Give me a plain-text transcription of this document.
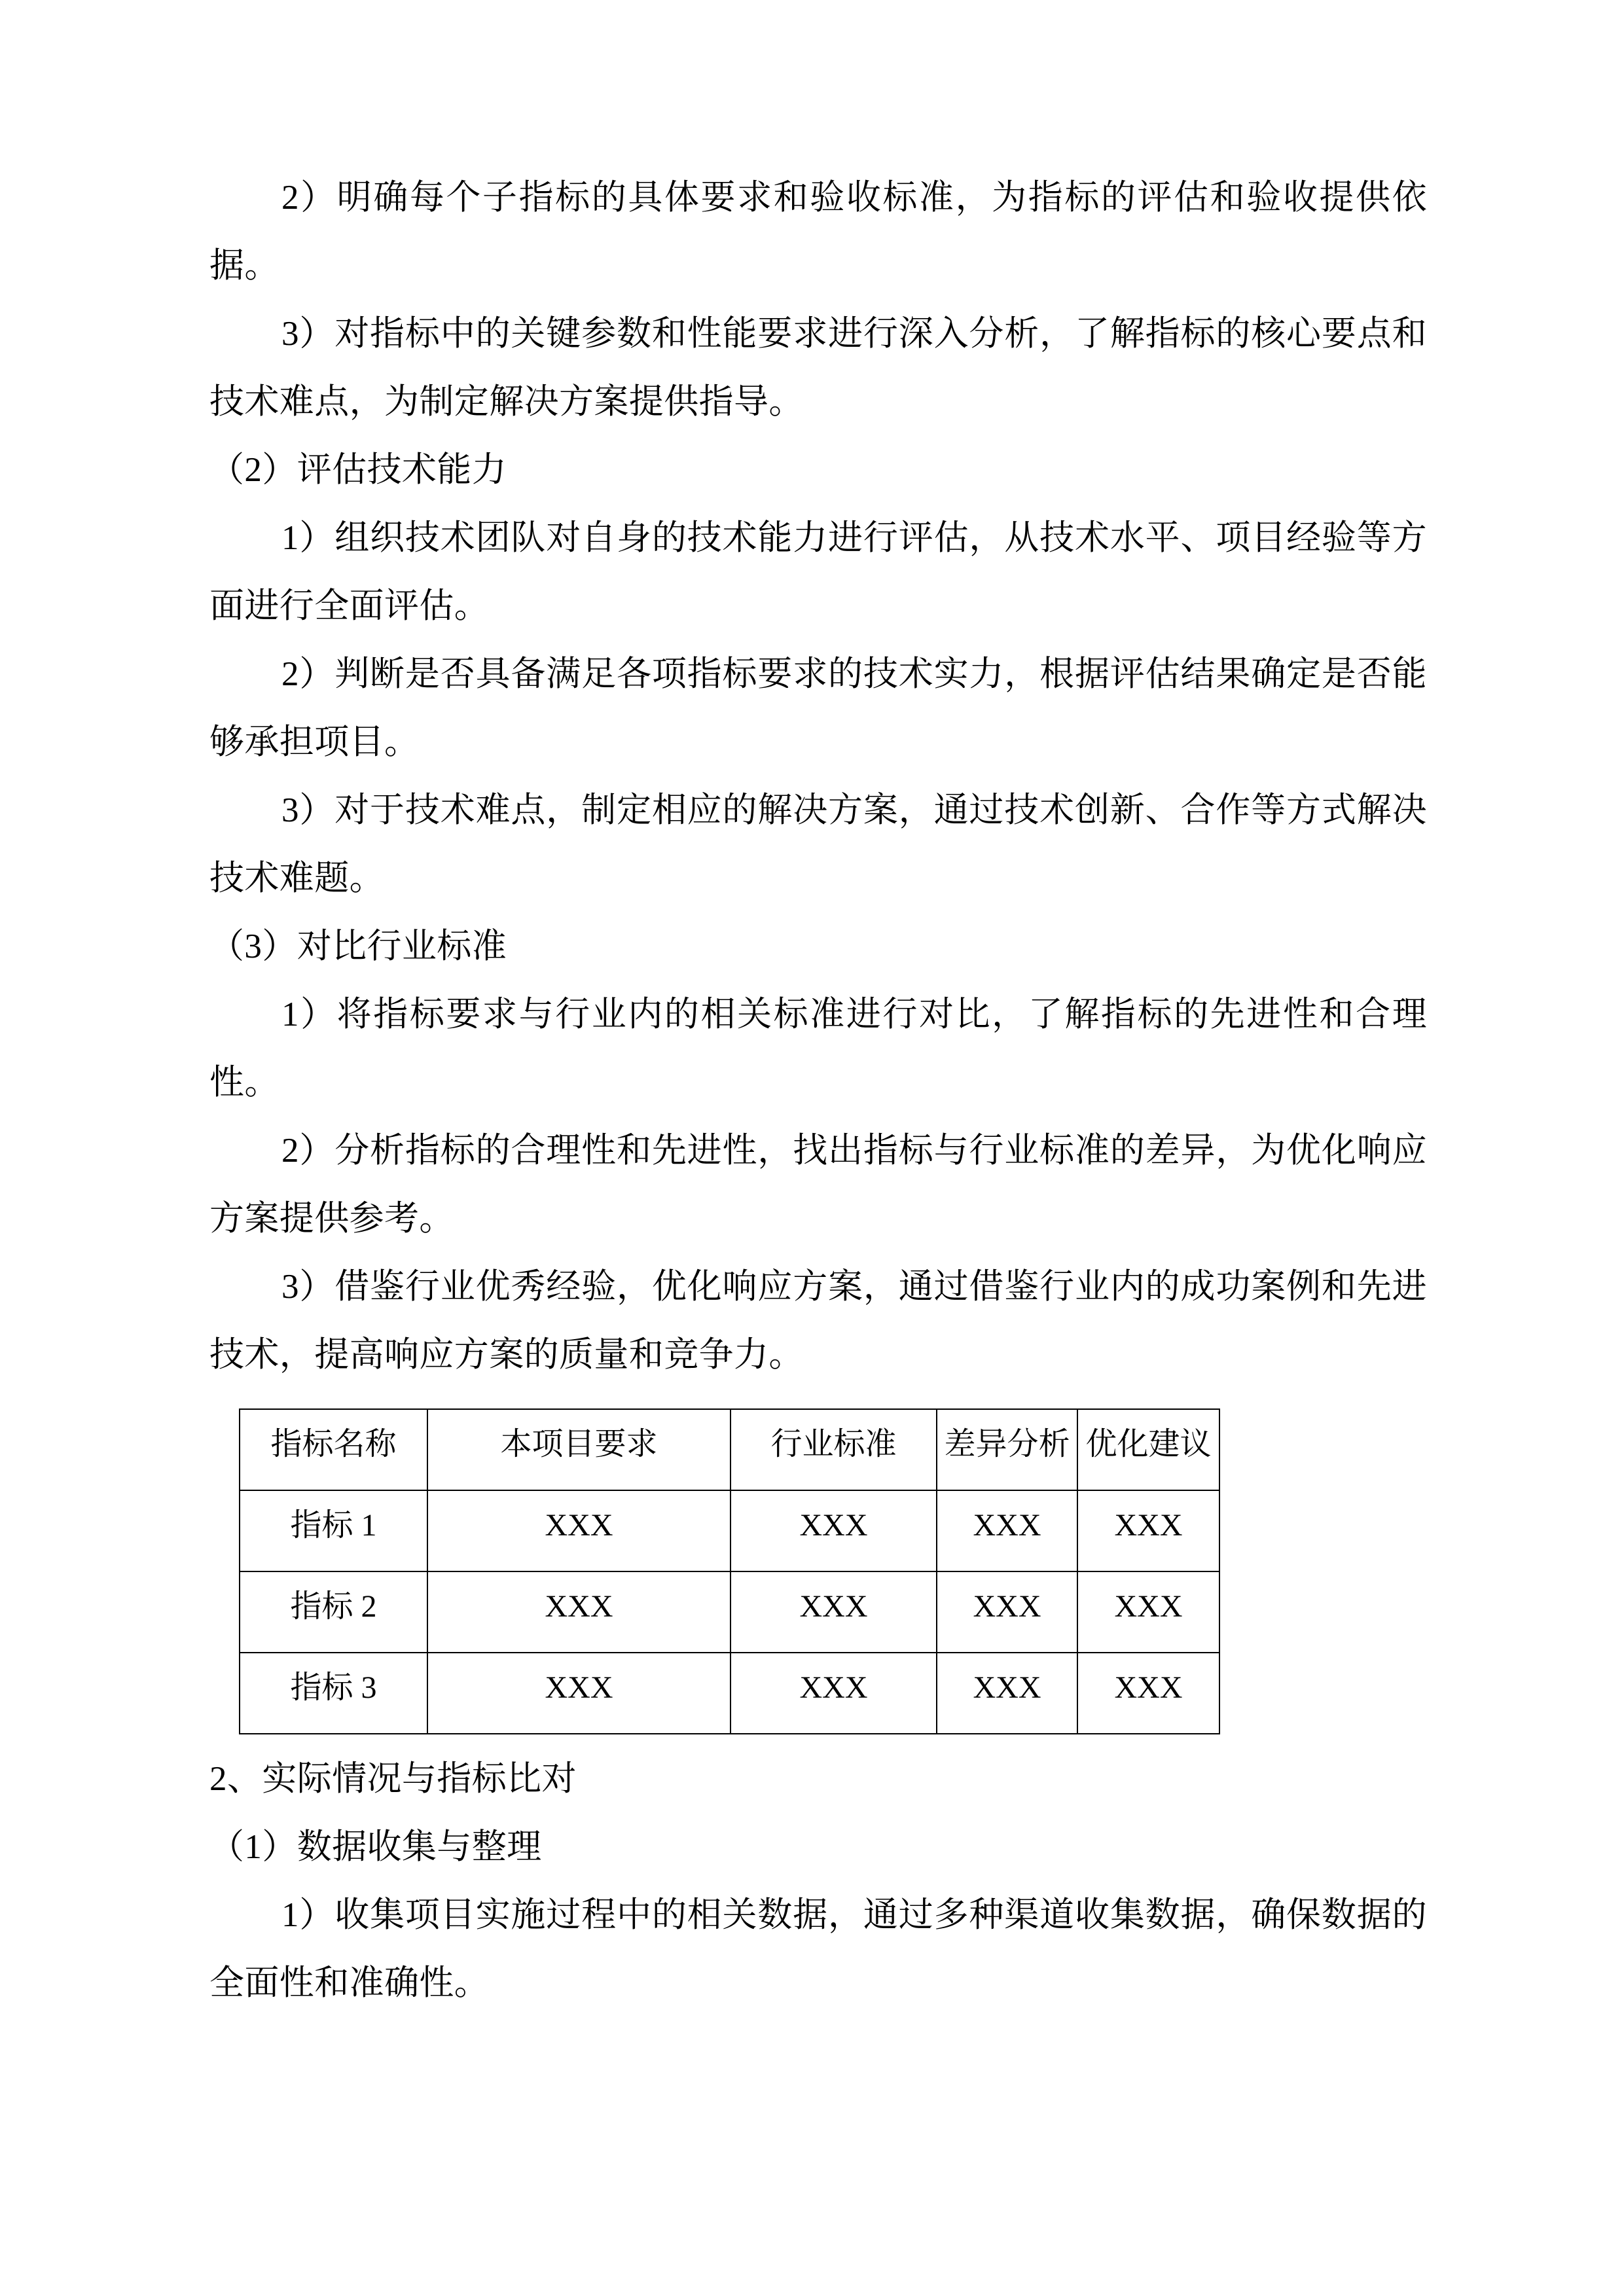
2）明确每个子指标的具体要求和验收标准，为指标的评估和验收提供依据。

3）对指标中的关键参数和性能要求进行深入分析，了解指标的核心要点和技术难点，为制定解决方案提供指导。

（2）评估技术能力

1）组织技术团队对自身的技术能力进行评估，从技术水平、项目经验等方面进行全面评估。

2）判断是否具备满足各项指标要求的技术实力，根据评估结果确定是否能够承担项目。

3）对于技术难点，制定相应的解决方案，通过技术创新、合作等方式解决技术难题。

（3）对比行业标准

1）将指标要求与行业内的相关标准进行对比，了解指标的先进性和合理性。

2）分析指标的合理性和先进性，找出指标与行业标准的差异，为优化响应方案提供参考。

3）借鉴行业优秀经验，优化响应方案，通过借鉴行业内的成功案例和先进技术，提高响应方案的质量和竞争力。

指标名称	本项目要求	行业标准	差异分析	优化建议
指标 1	XXX	XXX	XXX	XXX
指标 2	XXX	XXX	XXX	XXX
指标 3	XXX	XXX	XXX	XXX

2、实际情况与指标比对

（1）数据收集与整理

1）收集项目实施过程中的相关数据，通过多种渠道收集数据，确保数据的全面性和准确性。
